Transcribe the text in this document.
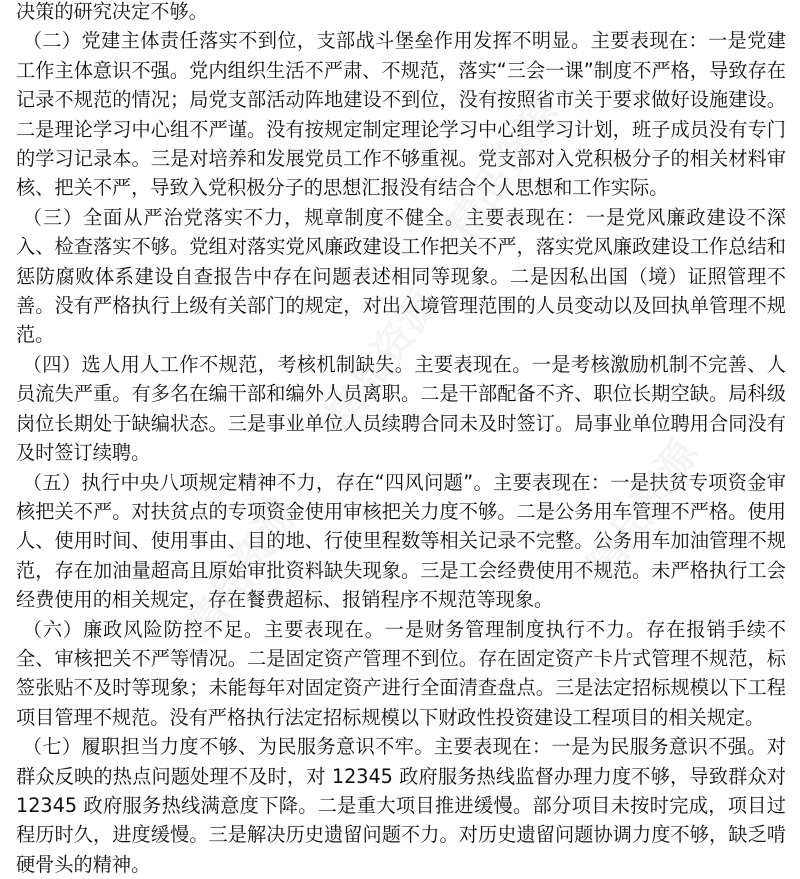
决策的研究决定不够。

（二）党建主体责任落实不到位，支部战斗堡垒作用发挥不明显。主要表现在：一是党建工作主体意识不强。党内组织生活不严肃、不规范，落实“三会一课”制度不严格，导致存在记录不规范的情况；局党支部活动阵地建设不到位，没有按照省市关于要求做好设施建设。二是理论学习中心组不严谨。没有按规定制定理论学习中心组学习计划，班子成员没有专门的学习记录本。三是对培养和发展党员工作不够重视。党支部对入党积极分子的相关材料审核、把关不严，导致入党积极分子的思想汇报没有结合个人思想和工作实际。

（三）全面从严治党落实不力，规章制度不健全。主要表现在：一是党风廉政建设不深入、检查落实不够。党组对落实党风廉政建设工作把关不严，落实党风廉政建设工作总结和惩防腐败体系建设自查报告中存在问题表述相同等现象。二是因私出国（境）证照管理不善。没有严格执行上级有关部门的规定，对出入境管理范围的人员变动以及回执单管理不规范。

（四）选人用人工作不规范，考核机制缺失。主要表现在。一是考核激励机制不完善、人员流失严重。有多名在编干部和编外人员离职。二是干部配备不齐、职位长期空缺。局科级岗位长期处于缺编状态。三是事业单位人员续聘合同未及时签订。局事业单位聘用合同没有及时签订续聘。

（五）执行中央八项规定精神不力，存在“四风问题”。主要表现在：一是扶贫专项资金审核把关不严。对扶贫点的专项资金使用审核把关力度不够。二是公务用车管理不严格。使用人、使用时间、使用事由、目的地、行使里程数等相关记录不完整。公务用车加油管理不规范，存在加油量超高且原始审批资料缺失现象。三是工会经费使用不规范。未严格执行工会经费使用的相关规定，存在餐费超标、报销程序不规范等现象。

（六）廉政风险防控不足。主要表现在。一是财务管理制度执行不力。存在报销手续不全、审核把关不严等情况。二是固定资产管理不到位。存在固定资产卡片式管理不规范，标签张贴不及时等现象；未能每年对固定资产进行全面清查盘点。三是法定招标规模以下工程项目管理不规范。没有严格执行法定招标规模以下财政性投资建设工程项目的相关规定。

（七）履职担当力度不够、为民服务意识不牢。主要表现在：一是为民服务意识不强。对群众反映的热点问题处理不及时，对 12345 政府服务热线监督办理力度不够，导致群众对 12345 政府服务热线满意度下降。二是重大项目推进缓慢。部分项目未按时完成，项目过程历时久，进度缓慢。三是解决历史遗留问题不力。对历史遗留问题协调力度不够，缺乏啃硬骨头的精神。

精品资源
精品资源
精品资源	精品资源
